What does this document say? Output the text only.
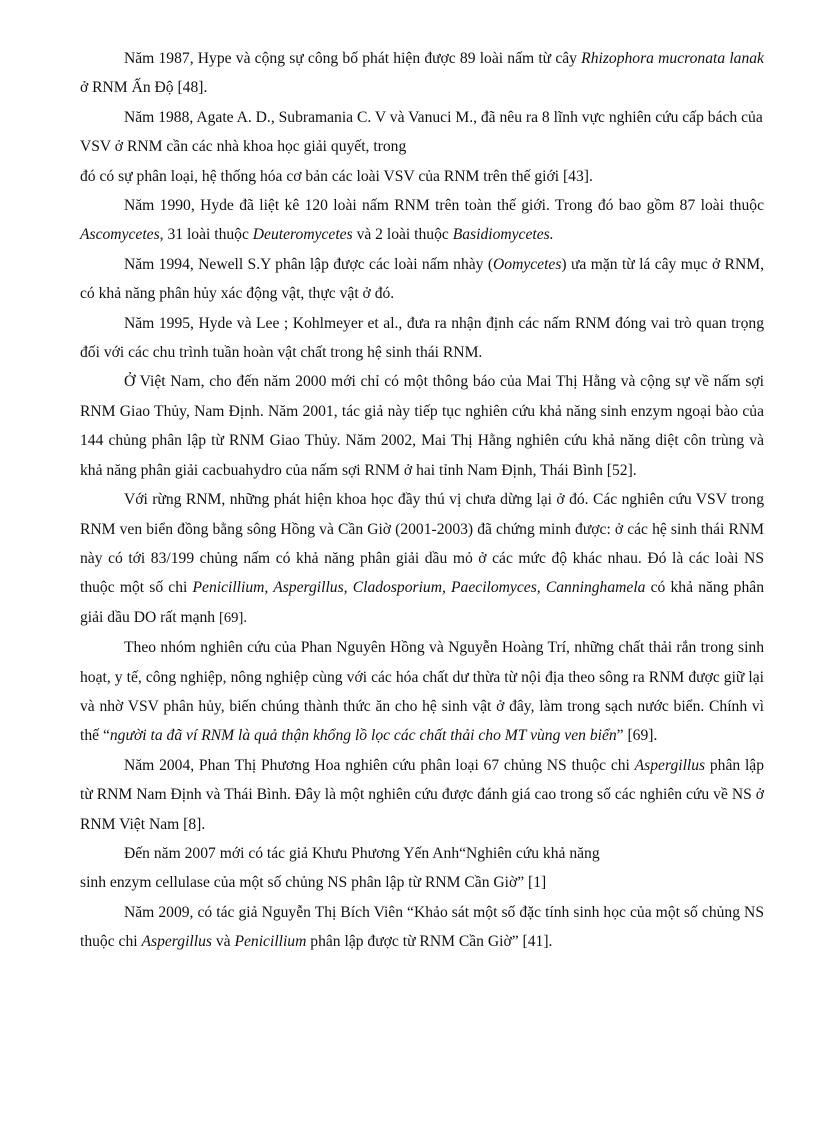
Năm 1987, Hype và cộng sự công bố phát hiện được 89 loài nấm từ cây Rhizophora mucronata lanak ở RNM Ấn Độ [48].

Năm 1988, Agate A. D., Subramania C. V và Vanuci M., đã nêu ra 8 lĩnh vực nghiên cứu cấp bách của VSV ở RNM cần các nhà khoa học giải quyết, trong

đó có sự phân loại, hệ thống hóa cơ bản các loài VSV của RNM trên thế giới [43].

Năm 1990, Hyde đã liệt kê 120 loài nấm RNM trên toàn thế giới. Trong đó bao gồm 87 loài thuộc Ascomycetes, 31 loài thuộc Deuteromycetes và 2 loài thuộc Basidiomycetes.

Năm 1994, Newell S.Y phân lập được các loài nấm nhày (Oomycetes) ưa mặn từ lá cây mục ở RNM, có khả năng phân hủy xác động vật, thực vật ở đó.

Năm 1995, Hyde và Lee ; Kohlmeyer et al., đưa ra nhận định các nấm RNM đóng vai trò quan trọng đối với các chu trình tuần hoàn vật chất trong hệ sinh thái RNM.

Ở Việt Nam, cho đến năm 2000 mới chỉ có một thông báo của Mai Thị Hằng và cộng sự về nấm sợi RNM Giao Thủy, Nam Định. Năm 2001, tác giả này tiếp tục nghiên cứu khả năng sinh enzym ngoại bào của 144 chủng phân lập từ RNM Giao Thủy. Năm 2002, Mai Thị Hằng nghiên cứu khả năng diệt côn trùng và khả năng phân giải cacbuahydro của nấm sợi RNM ở hai tỉnh Nam Định, Thái Bình [52].

Với rừng RNM, những phát hiện khoa học đầy thú vị chưa dừng lại ở đó. Các nghiên cứu VSV trong RNM ven biển đồng bằng sông Hồng và Cần Giờ (2001-2003) đã chứng minh được: ở các hệ sinh thái RNM này có tới 83/199 chủng nấm có khả năng phân giải dầu mỏ ở các mức độ khác nhau. Đó là các loài NS thuộc một số chi Penicillium, Aspergillus, Cladosporium, Paecilomyces, Canninghamela có khả năng phân giải dầu DO rất mạnh [69].

Theo nhóm nghiên cứu của Phan Nguyên Hồng và Nguyễn Hoàng Trí, những chất thải rắn trong sinh hoạt, y tế, công nghiệp, nông nghiệp cùng với các hóa chất dư thừa từ nội địa theo sông ra RNM được giữ lại và nhờ VSV phân hủy, biến chúng thành thức ăn cho hệ sinh vật ở đây, làm trong sạch nước biển. Chính vì thế “người ta đã ví RNM là quả thận khổng lồ lọc các chất thải cho MT vùng ven biển” [69].

Năm 2004, Phan Thị Phương Hoa nghiên cứu phân loại 67 chủng NS thuộc chi Aspergillus phân lập từ RNM Nam Định và Thái Bình. Đây là một nghiên cứu được đánh giá cao trong số các nghiên cứu về NS ở RNM Việt Nam [8].

Đến năm 2007 mới có tác giả Khưu Phương Yến Anh“Nghiên cứu khả năng

sinh enzym cellulase của một số chủng NS phân lập từ RNM Cần Giờ” [1]

Năm 2009, có tác giả Nguyễn Thị Bích Viên “Khảo sát một số đặc tính sinh học của một số chủng NS thuộc chi Aspergillus và Penicillium phân lập được từ RNM Cần Giờ” [41].
